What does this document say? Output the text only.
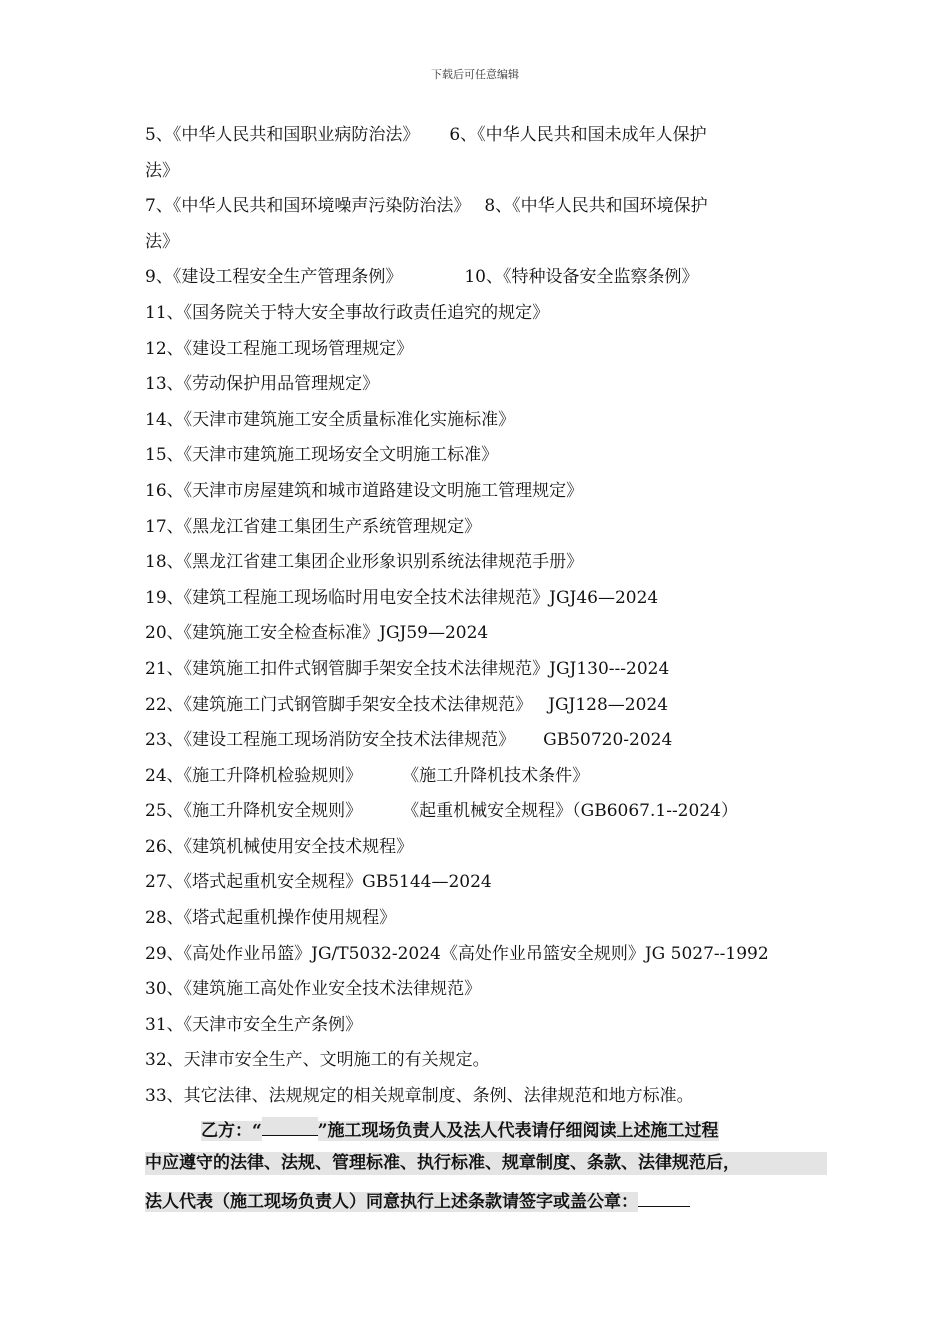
下载后可任意编辑
5、《中华人民共和国职业病防治法》 6、《中华人民共和国未成年人保护
法》
7、《中华人民共和国环境噪声污染防治法》 8、《中华人民共和国环境保护
法》
9、《建设工程安全生产管理条例》	10、《特种设备安全监察条例》
11、《国务院关于特大安全事故行政责任追究的规定》
12、《建设工程施工现场管理规定》
13、《劳动保护用品管理规定》
14、《天津市建筑施工安全质量标准化实施标准》
15、《天津市建筑施工现场安全文明施工标准》
16、《天津市房屋建筑和城市道路建设文明施工管理规定》
17、《黑龙江省建工集团生产系统管理规定》
18、《黑龙江省建工集团企业形象识别系统法律规范手册》
19、《建筑工程施工现场临时用电安全技术法律规范》JGJ46—2024
20、《建筑施工安全检查标准》JGJ59—2024
21、《建筑施工扣件式钢管脚手架安全技术法律规范》JGJ130---2024
22、《建筑施工门式钢管脚手架安全技术法律规范》 JGJ128—2024
23、《建设工程施工现场消防安全技术法律规范》 GB50720-2024
24、《施工升降机检验规则》 《施工升降机技术条件》
25、《施工升降机安全规则》 《起重机械安全规程》（GB6067.1--2024）
26、《建筑机械使用安全技术规程》
27、《塔式起重机安全规程》GB5144—2024
28、《塔式起重机操作使用规程》
29、《高处作业吊篮》JG/T5032-2024《高处作业吊篮安全规则》JG 5027--1992
30、《建筑施工高处作业安全技术法律规范》
31、《天津市安全生产条例》
32、天津市安全生产、文明施工的有关规定。
33、其它法律、法规规定的相关规章制度、条例、法律规范和地方标准。
乙方：“	”施工现场负责人及法人代表请仔细阅读上述施工过程
中应遵守的法律、法规、管理标准、执行标准、规章制度、条款、法律规范后，
法人代表（施工现场负责人）同意执行上述条款请签字或盖公章：
